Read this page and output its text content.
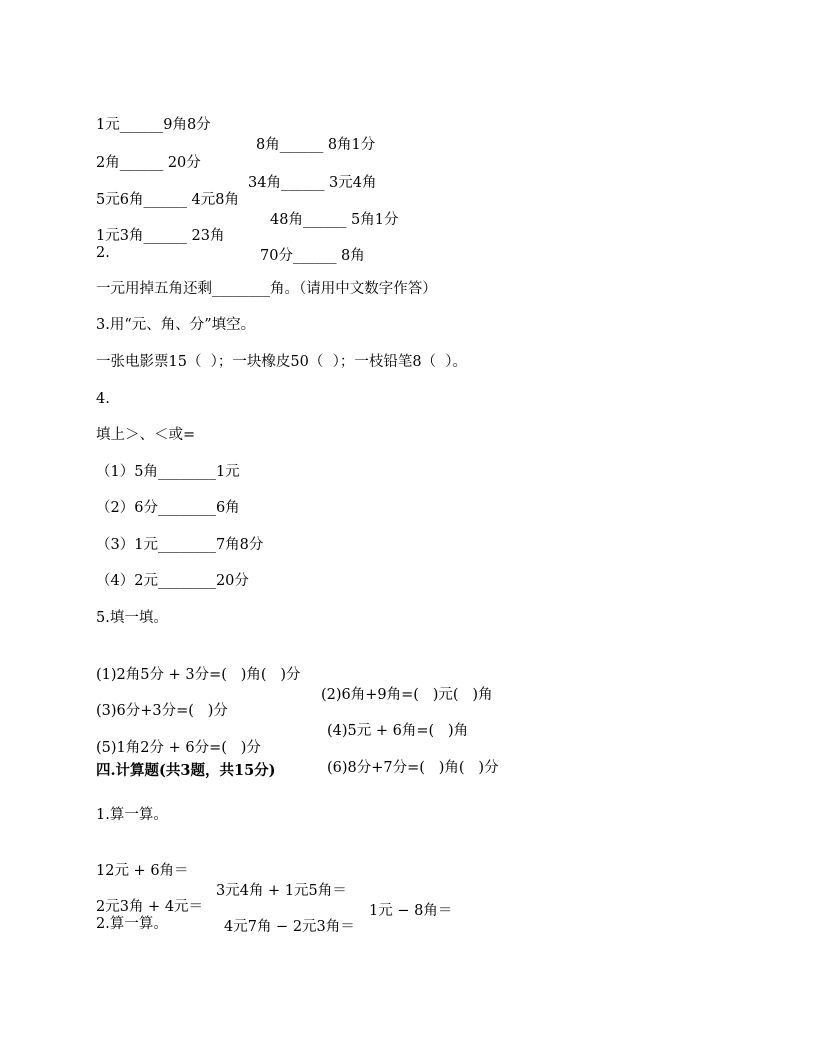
1元______9角8分

8角______ 8角1分

2角______ 20分

34角______ 3元4角

5元6角______ 4元8角

48角______ 5角1分

1元3角______ 23角

70分______ 8角

2.
一元用掉五角还剩________角。（请用中文数字作答）
3.用“元、角、分”填空。
一张电影票15（  ）；一块橡皮50（  ）；一枝铅笔8（  ）。
4.
填上＞、＜或=
（1）5角________1元
（2）6分________6角
（3）1元________7角8分
（4）2元________20分
5.填一填。

(1)2角5分 + 3分=(   )角(   )分

(2)6角+9角=(   )元(   )角

(3)6分+3分=(   )分

(4)5元 + 6角=(   )角

(5)1角2分 + 6分=(   )分

(6)8分+7分=(   )角(   )分

四.计算题(共3题，共15分)
1.算一算。

12元 + 6角＝

3元4角 + 1元5角＝

1元 − 8角＝

2元3角 + 4元＝

4元7角 − 2元3角＝

2.算一算。
